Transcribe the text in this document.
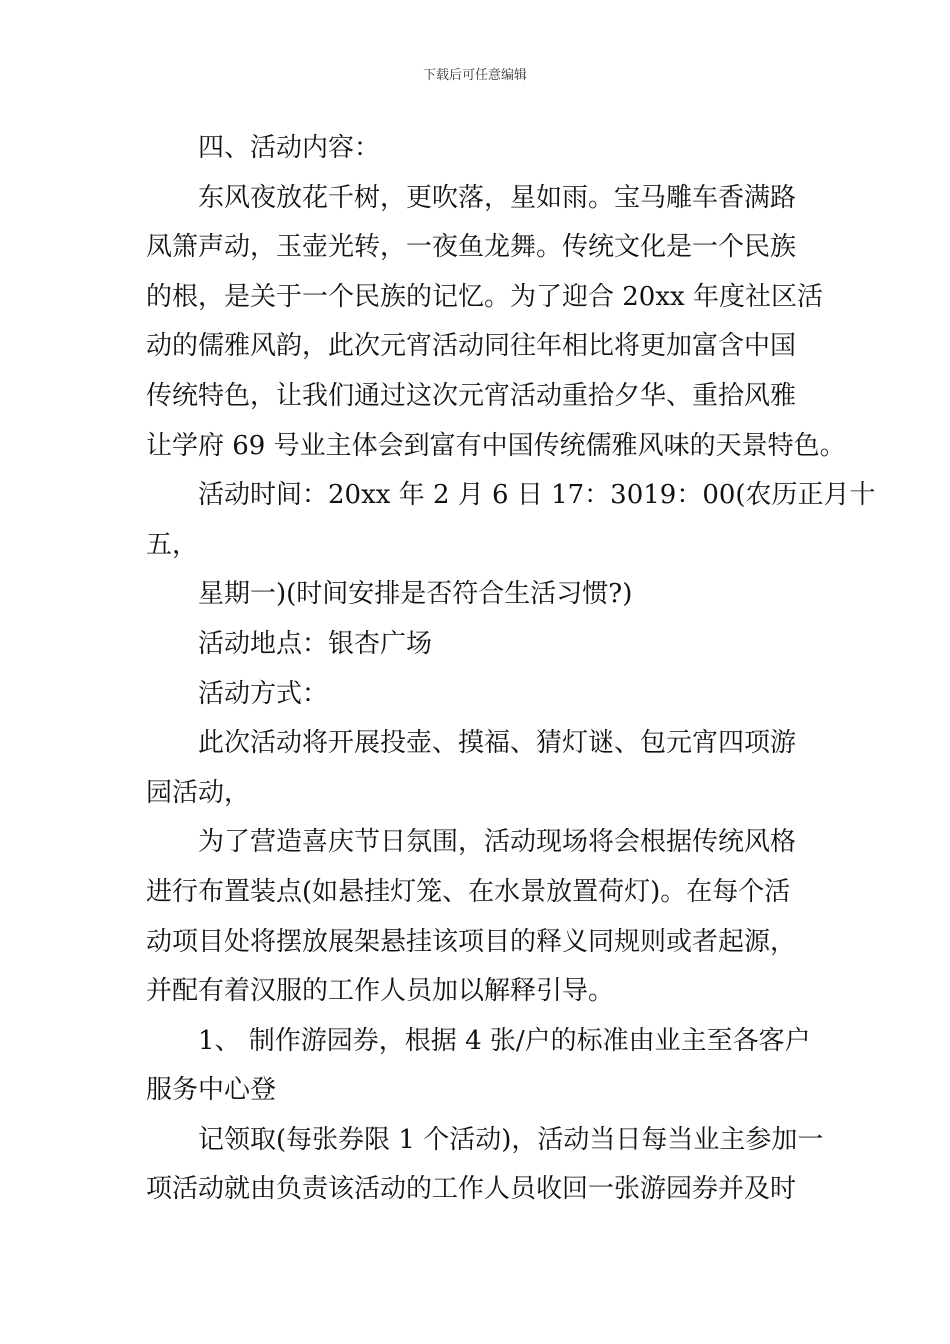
下载后可任意编辑
四、活动内容：
东风夜放花千树，更吹落，星如雨。宝马雕车香满路
凤箫声动，玉壶光转，一夜鱼龙舞。传统文化是一个民族
的根，是关于一个民族的记忆。为了迎合 20xx 年度社区活
动的儒雅风韵，此次元宵活动同往年相比将更加富含中国
传统特色，让我们通过这次元宵活动重拾夕华、重拾风雅
让学府 69 号业主体会到富有中国传统儒雅风味的天景特色。
活动时间：20xx 年 2 月 6 日 17：3019：00(农历正月十
五，
星期一)(时间安排是否符合生活习惯?)
活动地点：银杏广场
活动方式：
此次活动将开展投壶、摸福、猜灯谜、包元宵四项游
园活动，
为了营造喜庆节日氛围，活动现场将会根据传统风格
进行布置装点(如悬挂灯笼、在水景放置荷灯)。在每个活
动项目处将摆放展架悬挂该项目的释义同规则或者起源，
并配有着汉服的工作人员加以解释引导。
1、 制作游园券，根据 4 张/户的标准由业主至各客户
服务中心登
记领取(每张券限 1 个活动)，活动当日每当业主参加一
项活动就由负责该活动的工作人员收回一张游园券并及时
